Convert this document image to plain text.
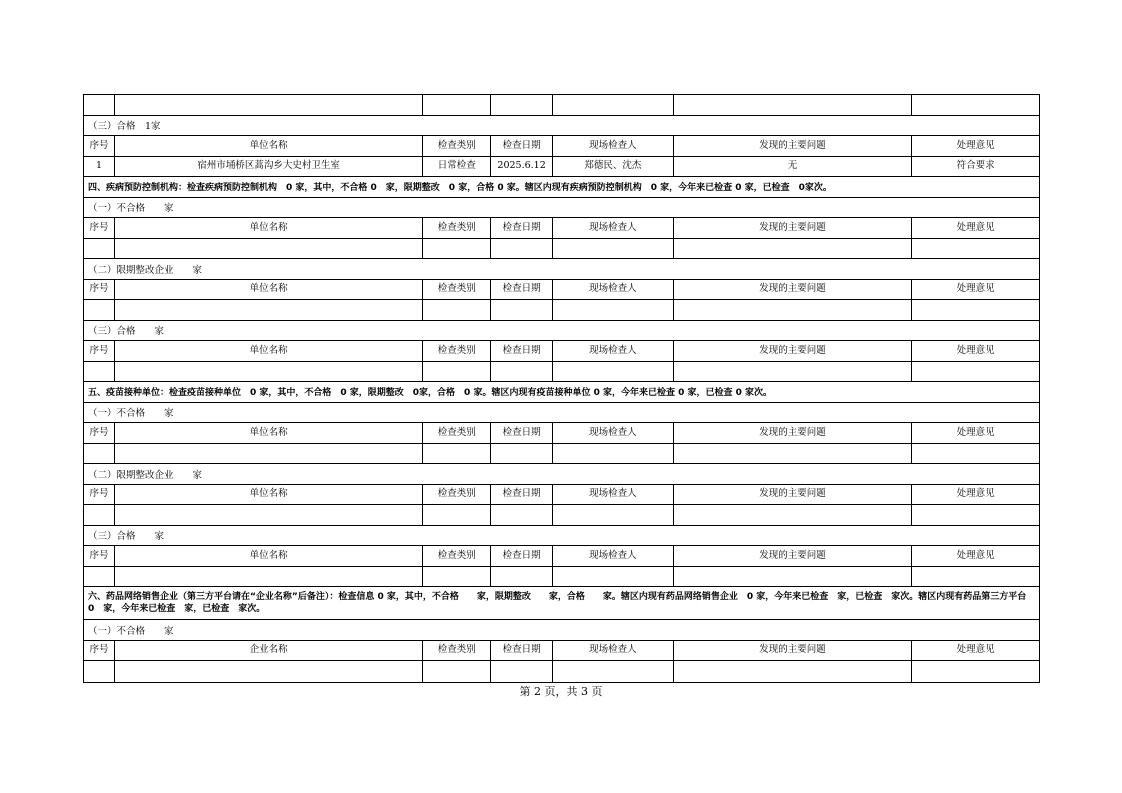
（三）合格　1家
序号	单位名称	检查类别	检查日期	现场检查人	发现的主要问题	处理意见
1	宿州市埇桥区蒿沟乡大史村卫生室	日常检查	2025.6.12	郑德民、沈杰	无	符合要求
四、疾病预防控制机构：检查疾病预防控制机构　0 家，其中，不合格 0　家，限期整改　0 家，合格 0 家。辖区内现有疾病预防控制机构　0 家，今年来已检查 0 家，已检查　0家次。
（一）不合格　　家
序号	单位名称	检查类别	检查日期	现场检查人	发现的主要问题	处理意见
（二）限期整改企业　　家
序号	单位名称	检查类别	检查日期	现场检查人	发现的主要问题	处理意见
（三）合格　　家
序号	单位名称	检查类别	检查日期	现场检查人	发现的主要问题	处理意见
五、疫苗接种单位：检查疫苗接种单位　0 家，其中，不合格　0 家，限期整改　0家，合格　0 家。辖区内现有疫苗接种单位 0 家，今年来已检查 0 家，已检查 0 家次。
（一）不合格　　家
序号	单位名称	检查类别	检查日期	现场检查人	发现的主要问题	处理意见
（二）限期整改企业　　家
序号	单位名称	检查类别	检查日期	现场检查人	发现的主要问题	处理意见
（三）合格　　家
序号	单位名称	检查类别	检查日期	现场检查人	发现的主要问题	处理意见
六、药品网络销售企业（第三方平台请在“企业名称”后备注）：检查信息 0 家，其中，不合格　　家，限期整改　　家，合格　　家。辖区内现有药品网络销售企业　0 家，今年来已检查　家，已检查　家次。辖区内现有药品第三方平台　0　家，今年来已检查　家，已检查　家次。
（一）不合格　　家
序号	企业名称	检查类别	检查日期	现场检查人	发现的主要问题	处理意见
第 2 页，共 3 页
